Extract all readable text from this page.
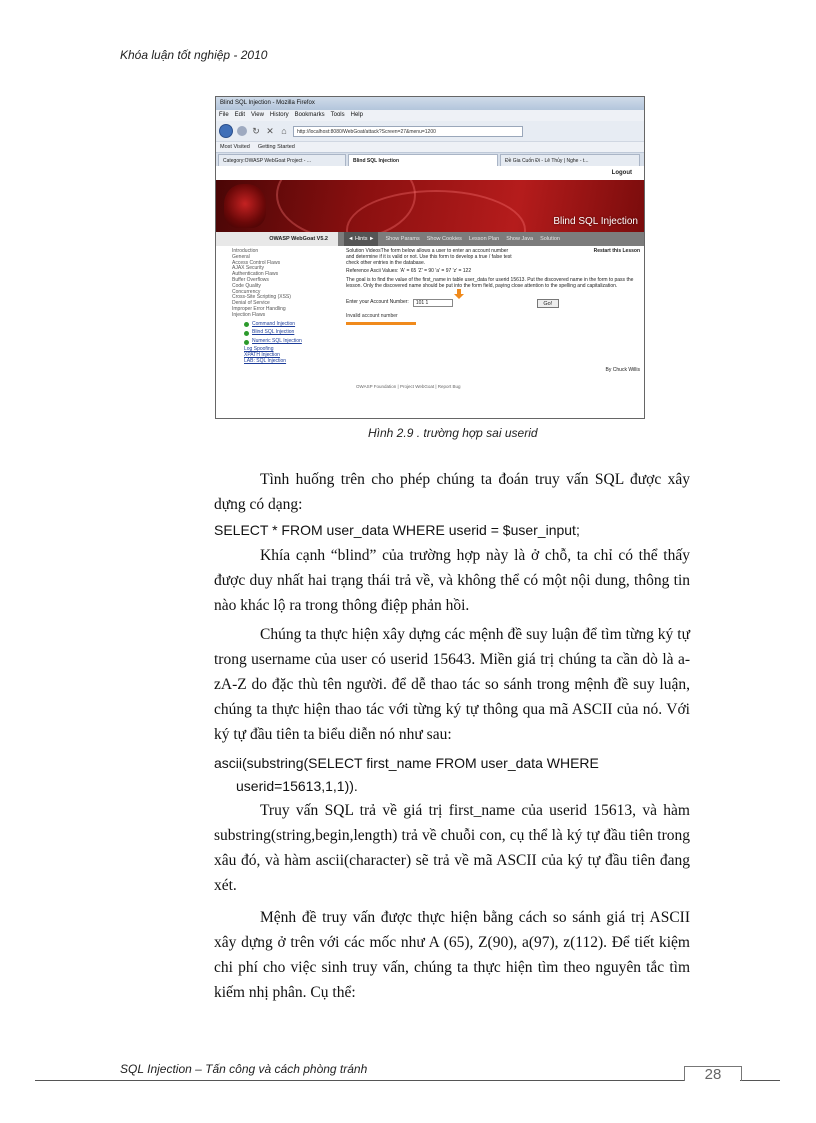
Khóa luận tốt nghiệp - 2010
Blind SQL Injection - Mozilla Firefox
File Edit View History Bookmarks Tools Help
↻ ✕ ⌂	http://localhost:8080/WebGoat/attack?Screen=27&menu=1200
Most Visited Getting Started
Category:OWASP WebGoat Project - ...	Blind SQL Injection	Đề Gia Cuốn Đi - Lê Thủy | Nghe - t...
Logout
Blind SQL Injection
OWASP WebGoat V5.2	◄ Hints ►	Show Params Show Cookies Lesson Plan Show Java Solution
Introduction
General
Access Control Flaws
AJAX Security
Authentication Flaws
Buffer Overflows
Code Quality
Concurrency
Cross-Site Scripting (XSS)
Denial of Service
Improper Error Handling
Injection Flaws
Command Injection
Blind SQL Injection
Numeric SQL Injection
Log Spoofing
XPATH Injection
LAB: SQL Injection
Solution VideosThe form below allows a user to enter an account number and determine if it is valid or not. Use this form to develop a true / false test check other entries in the database.
Restart this Lesson

Reference Ascii Values: 'A' = 65 'Z' = 90 'a' = 97 'z' = 122

The goal is to find the value of the first_name in table user_data for userid 15613. Put the discovered name in the form to pass the lesson. Only the discovered name should be put into the form field, paying close attention to the spelling and capitalization.

Enter your Account Number:	101 1	Go!
Invalid account number
By Chuck Willis
OWASP Foundation | Project WebGoat | Report Bug
Hình 2.9 . trường hợp sai userid
Tình huống trên cho phép chúng ta đoán truy vấn SQL được xây dựng có dạng:
SELECT * FROM user_data WHERE userid = $user_input;
Khía cạnh “blind” của trường hợp này là ở chỗ, ta chỉ có thể thấy được duy nhất hai trạng thái trả về, và không thể có một nội dung, thông tin nào khác lộ ra trong thông điệp phản hồi.
Chúng ta thực hiện xây dựng các mệnh đề suy luận để tìm từng ký tự trong username của user có userid 15643. Miền giá trị chúng ta cần dò là a-zA-Z do đặc thù tên người. để dễ thao tác so sánh trong mệnh đề suy luận, chúng ta thực hiện thao tác với từng ký tự thông qua mã ASCII của nó. Với ký tự đầu tiên ta biểu diễn nó như sau:
ascii(substring(SELECT first_name FROM user_data WHERE
userid=15613,1,1)).
Truy vấn SQL trả về giá trị first_name của userid 15613, và hàm substring(string,begin,length) trả về chuỗi con, cụ thể là ký tự đầu tiên trong xâu đó, và hàm ascii(character) sẽ trả về mã ASCII của ký tự đầu tiên đang xét.
Mệnh đề truy vấn được thực hiện bằng cách so sánh giá trị ASCII xây dựng ở trên với các mốc như A (65), Z(90), a(97), z(112). Để tiết kiệm chi phí cho việc sinh truy vấn, chúng ta thực hiện tìm theo nguyên tắc tìm kiếm nhị phân. Cụ thể:
SQL Injection – Tấn công và cách phòng tránh	28
